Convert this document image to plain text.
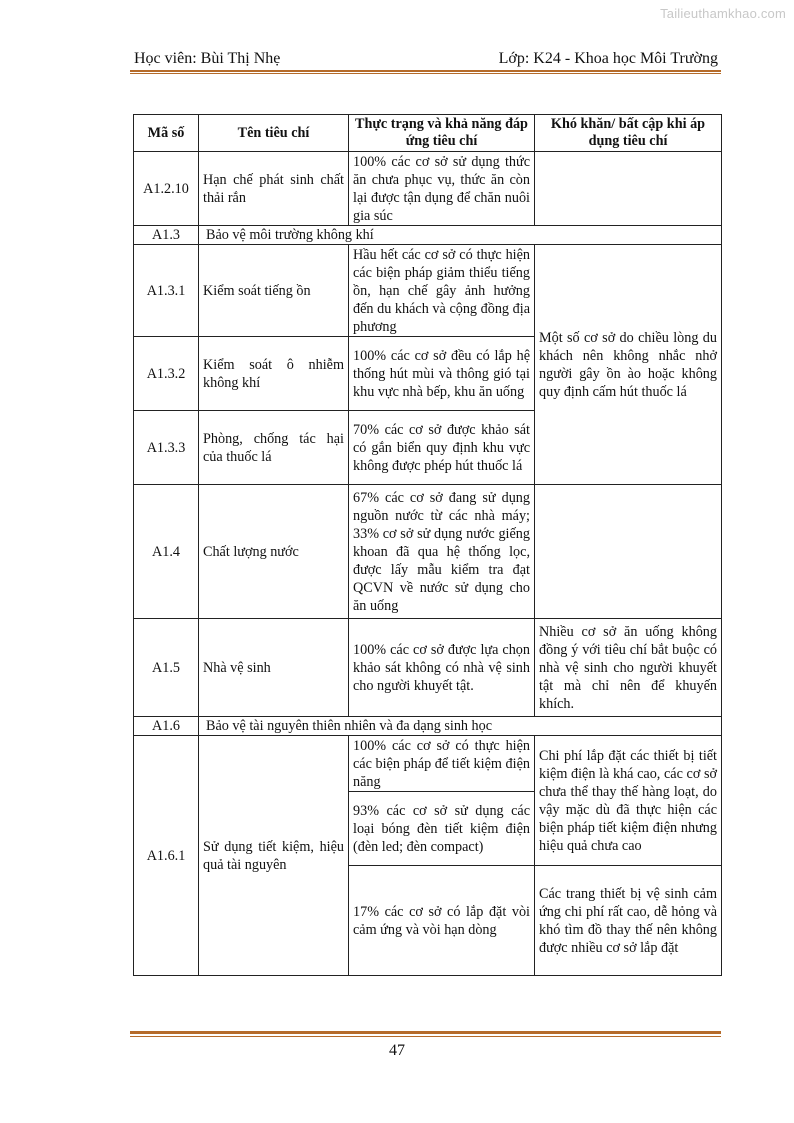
Tailieuthamkhao.com
Học viên: Bùi Thị Nhẹ	Lớp: K24 - Khoa học Môi Trường
Mã số	Tên tiêu chí	Thực trạng và khả năng đáp ứng tiêu chí	Khó khăn/ bất cập khi áp dụng tiêu chí
A1.2.10	Hạn chế phát sinh chất thải rắn	100% các cơ sở sử dụng thức ăn chưa phục vụ, thức ăn còn lại được tận dụng để chăn nuôi gia súc	
A1.3	Bảo vệ môi trường không khí		
A1.3.1	Kiểm soát tiếng ồn	Hầu hết các cơ sở có thực hiện các biện pháp giảm thiểu tiếng ồn, hạn chế gây ảnh hưởng đến du khách và cộng đồng địa phương	Một số cơ sở do chiều lòng du khách nên không nhắc nhở người gây ồn ào hoặc không quy định cấm hút thuốc lá
A1.3.2	Kiểm soát ô nhiễm không khí	100% các cơ sở đều có lắp hệ thống hút mùi và thông gió tại khu vực nhà bếp, khu ăn uống	
A1.3.3	Phòng, chống tác hại của thuốc lá	70% các cơ sở được khảo sát có gắn biển quy định khu vực không được phép hút thuốc lá	
A1.4	Chất lượng nước	67% các cơ sở đang sử dụng nguồn nước từ các nhà máy; 33% cơ sở sử dụng nước giếng khoan đã qua hệ thống lọc, được lấy mẫu kiểm tra đạt QCVN về nước sử dụng cho ăn uống	
A1.5	Nhà vệ sinh	100% các cơ sở được lựa chọn khảo sát không có nhà vệ sinh cho người khuyết tật.	Nhiều cơ sở ăn uống không đồng ý với tiêu chí bắt buộc có nhà vệ sinh cho người khuyết tật mà chỉ nên để khuyến khích.
A1.6	Bảo vệ tài nguyên thiên nhiên và đa dạng sinh học		
A1.6.1	Sử dụng tiết kiệm, hiệu quả tài nguyên	100% các cơ sở có thực hiện các biện pháp để tiết kiệm điện năng	Chi phí lắp đặt các thiết bị tiết kiệm điện là khá cao, các cơ sở chưa thể thay thế hàng loạt, do vậy mặc dù đã thực hiện các biện pháp tiết kiệm điện nhưng hiệu quả chưa cao
		93% các cơ sở sử dụng các loại bóng đèn tiết kiệm điện (đèn led; đèn compact)	
		17% các cơ sở có lắp đặt vòi cảm ứng và vòi hạn dòng	Các trang thiết bị vệ sinh cảm ứng chi phí rất cao, dễ hỏng và khó tìm đồ thay thế nên không được nhiều cơ sở lắp đặt

47
